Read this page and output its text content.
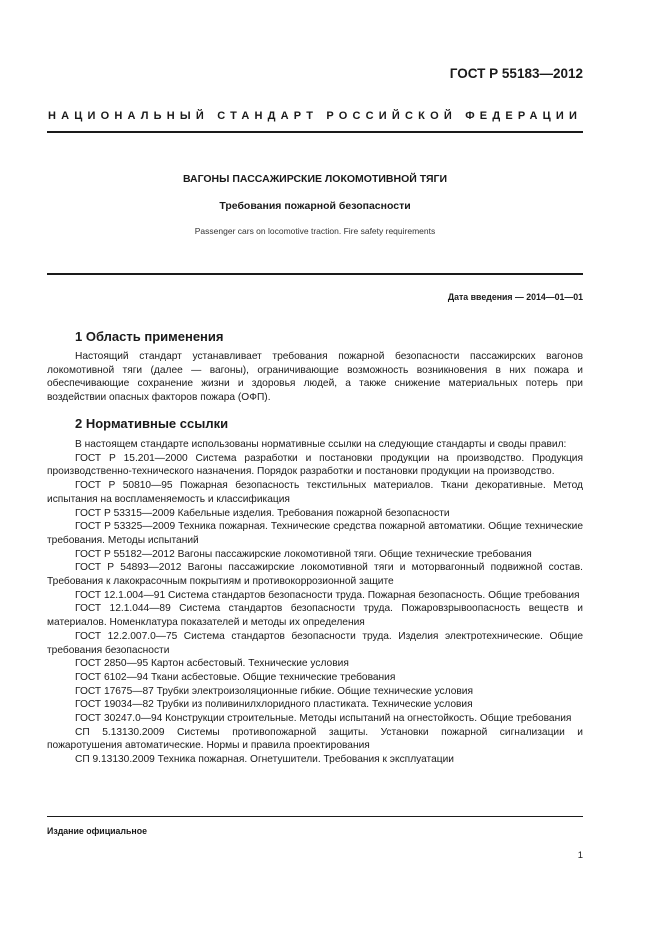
ГОСТ Р 55183—2012
НАЦИОНАЛЬНЫЙ СТАНДАРТ РОССИЙСКОЙ ФЕДЕРАЦИИ
ВАГОНЫ ПАССАЖИРСКИЕ ЛОКОМОТИВНОЙ ТЯГИ
Требования пожарной безопасности
Passenger cars on locomotive traction. Fire safety requirements
Дата введения — 2014—01—01
1 Область применения
Настоящий стандарт устанавливает требования пожарной безопасности пассажирских вагонов локомотивной тяги (далее — вагоны), ограничивающие возможность возникновения в них пожара и обеспечивающие сохранение жизни и здоровья людей, а также снижение материальных потерь при воздействии опасных факторов пожара (ОФП).
2 Нормативные ссылки

В настоящем стандарте использованы нормативные ссылки на следующие стандарты и своды правил:

ГОСТ Р 15.201—2000 Система разработки и постановки продукции на производство. Продукция производственно-технического назначения. Порядок разработки и постановки продукции на производство.

ГОСТ Р 50810—95 Пожарная безопасность текстильных материалов. Ткани декоративные. Метод испытания на воспламеняемость и классификация

ГОСТ Р 53315—2009 Кабельные изделия. Требования пожарной безопасности

ГОСТ Р 53325—2009 Техника пожарная. Технические средства пожарной автоматики. Общие технические требования. Методы испытаний

ГОСТ Р 55182—2012 Вагоны пассажирские локомотивной тяги. Общие технические требования

ГОСТ Р 54893—2012 Вагоны пассажирские локомотивной тяги и моторвагонный подвижной состав. Требования к лакокрасочным покрытиям и противокоррозионной защите

ГОСТ 12.1.004—91 Система стандартов безопасности труда. Пожарная безопасность. Общие требования

ГОСТ 12.1.044—89 Система стандартов безопасности труда. Пожаровзрывоопасность веществ и материалов. Номенклатура показателей и методы их определения

ГОСТ 12.2.007.0—75 Система стандартов безопасности труда. Изделия электротехнические. Общие требования безопасности

ГОСТ 2850—95 Картон асбестовый. Технические условия

ГОСТ 6102—94 Ткани асбестовые. Общие технические требования

ГОСТ 17675—87 Трубки электроизоляционные гибкие. Общие технические условия

ГОСТ 19034—82 Трубки из поливинилхлоридного пластиката. Технические условия

ГОСТ 30247.0—94 Конструкции строительные. Методы испытаний на огнестойкость. Общие требования

СП 5.13130.2009 Системы противопожарной защиты. Установки пожарной сигнализации и пожаротушения автоматические. Нормы и правила проектирования

СП 9.13130.2009 Техника пожарная. Огнетушители. Требования к эксплуатации

Издание официальное
1
